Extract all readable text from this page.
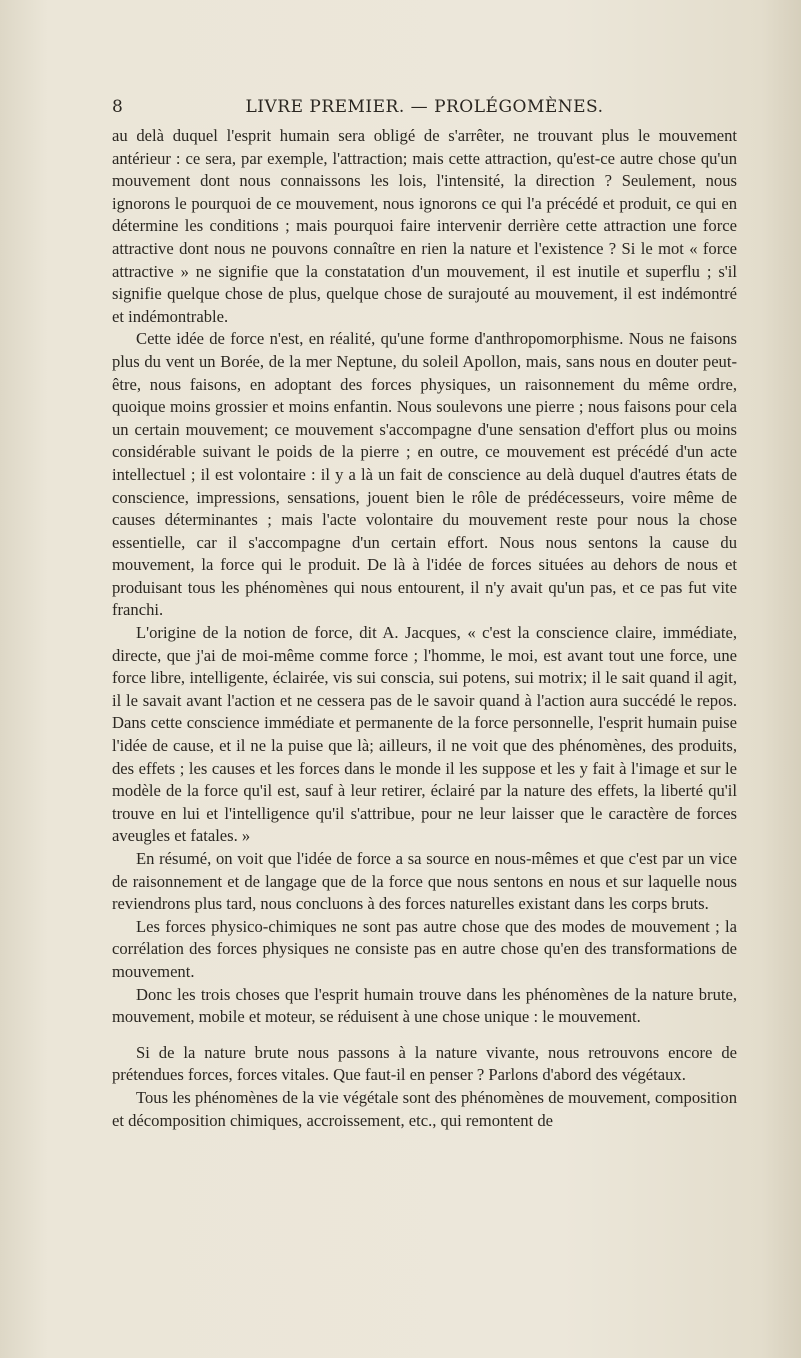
8	LIVRE PREMIER. — PROLÉGOMÈNES.

au delà duquel l'esprit humain sera obligé de s'arrêter, ne trouvant plus le mouvement antérieur : ce sera, par exemple, l'attraction; mais cette attraction, qu'est-ce autre chose qu'un mouvement dont nous connaissons les lois, l'intensité, la direction ? Seulement, nous ignorons le pourquoi de ce mouvement, nous ignorons ce qui l'a précédé et produit, ce qui en détermine les conditions ; mais pourquoi faire intervenir derrière cette attraction une force attractive dont nous ne pouvons connaître en rien la nature et l'existence ? Si le mot « force attractive » ne signifie que la constatation d'un mouvement, il est inutile et superflu ; s'il signifie quelque chose de plus, quelque chose de surajouté au mouvement, il est indémontré et indémontrable.

Cette idée de force n'est, en réalité, qu'une forme d'anthropomorphisme. Nous ne faisons plus du vent un Borée, de la mer Neptune, du soleil Apollon, mais, sans nous en douter peut-être, nous faisons, en adoptant des forces physiques, un raisonnement du même ordre, quoique moins grossier et moins enfantin. Nous soulevons une pierre ; nous faisons pour cela un certain mouvement; ce mouvement s'accompagne d'une sensation d'effort plus ou moins considérable suivant le poids de la pierre ; en outre, ce mouvement est précédé d'un acte intellectuel ; il est volontaire : il y a là un fait de conscience au delà duquel d'autres états de conscience, impressions, sensations, jouent bien le rôle de prédécesseurs, voire même de causes déterminantes ; mais l'acte volontaire du mouvement reste pour nous la chose essentielle, car il s'accompagne d'un certain effort. Nous nous sentons la cause du mouvement, la force qui le produit. De là à l'idée de forces situées au dehors de nous et produisant tous les phénomènes qui nous entourent, il n'y avait qu'un pas, et ce pas fut vite franchi.

L'origine de la notion de force, dit A. Jacques, « c'est la conscience claire, immédiate, directe, que j'ai de moi-même comme force ; l'homme, le moi, est avant tout une force, une force libre, intelligente, éclairée, vis sui conscia, sui potens, sui motrix; il le sait quand il agit, il le savait avant l'action et ne cessera pas de le savoir quand à l'action aura succédé le repos. Dans cette conscience immédiate et permanente de la force personnelle, l'esprit humain puise l'idée de cause, et il ne la puise que là; ailleurs, il ne voit que des phénomènes, des produits, des effets ; les causes et les forces dans le monde il les suppose et les y fait à l'image et sur le modèle de la force qu'il est, sauf à leur retirer, éclairé par la nature des effets, la liberté qu'il trouve en lui et l'intelligence qu'il s'attribue, pour ne leur laisser que le caractère de forces aveugles et fatales. »

En résumé, on voit que l'idée de force a sa source en nous-mêmes et que c'est par un vice de raisonnement et de langage que de la force que nous sentons en nous et sur laquelle nous reviendrons plus tard, nous concluons à des forces naturelles existant dans les corps bruts.

Les forces physico-chimiques ne sont pas autre chose que des modes de mouvement ; la corrélation des forces physiques ne consiste pas en autre chose qu'en des transformations de mouvement.

Donc les trois choses que l'esprit humain trouve dans les phénomènes de la nature brute, mouvement, mobile et moteur, se réduisent à une chose unique : le mouvement.

Si de la nature brute nous passons à la nature vivante, nous retrouvons encore de prétendues forces, forces vitales. Que faut-il en penser ? Parlons d'abord des végétaux.

Tous les phénomènes de la vie végétale sont des phénomènes de mouvement, composition et décomposition chimiques, accroissement, etc., qui remontent de
